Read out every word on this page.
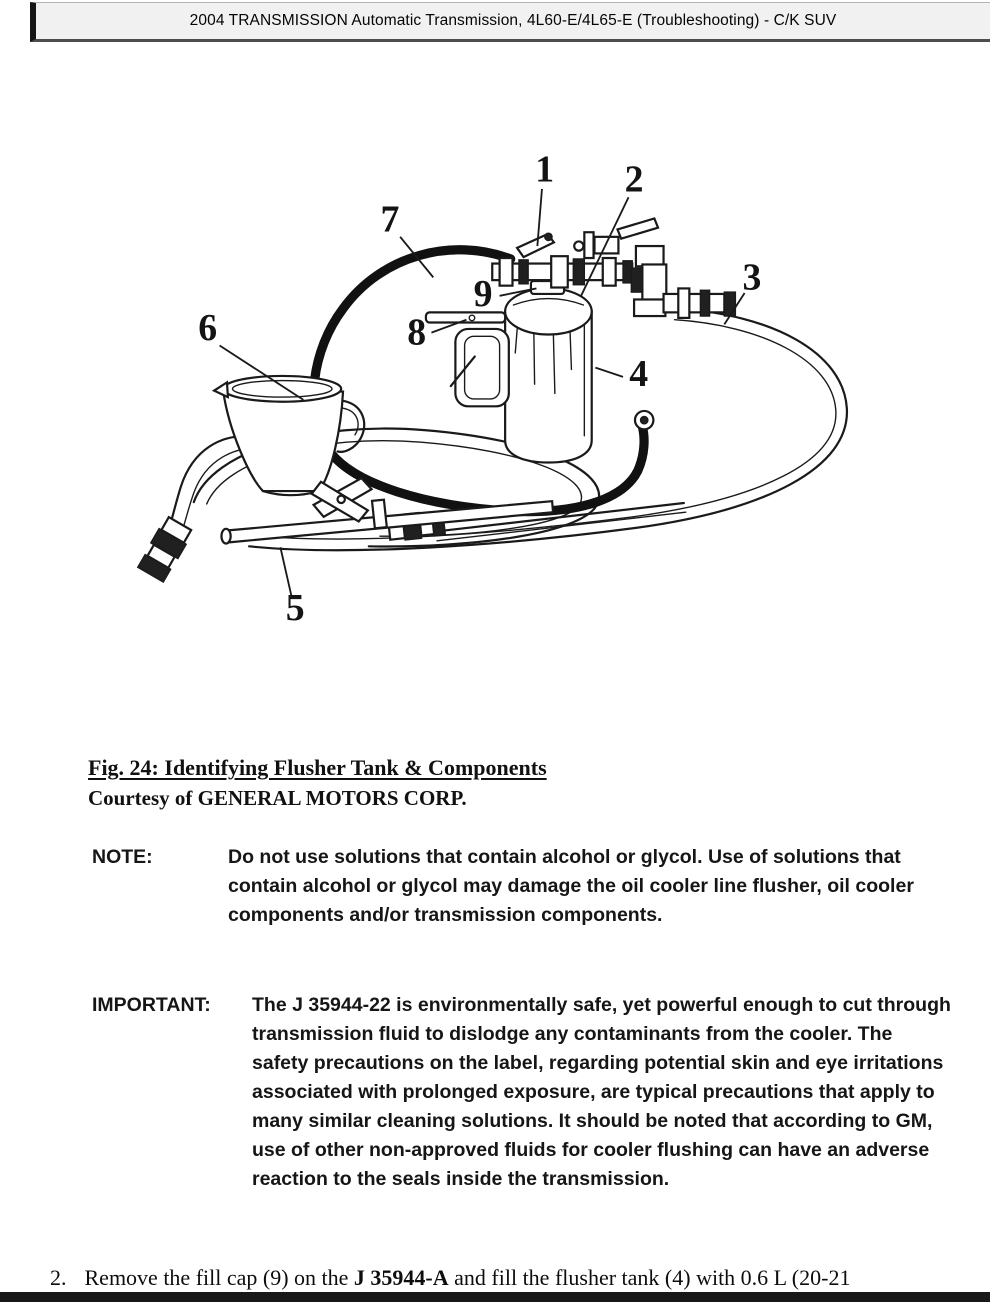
2004 TRANSMISSION Automatic Transmission, 4L60-E/4L65-E (Troubleshooting) - C/K SUV
1 2
3
4
5
6
7
8
9
Fig. 24: Identifying Flusher Tank & Components
Courtesy of GENERAL MOTORS CORP.
NOTE:	Do not use solutions that contain alcohol or glycol. Use of solutions that contain alcohol or glycol may damage the oil cooler line flusher, oil cooler components and/or transmission components.
IMPORTANT:	The J 35944-22 is environmentally safe, yet powerful enough to cut through transmission fluid to dislodge any contaminants from the cooler. The safety precautions on the label, regarding potential skin and eye irritations associated with prolonged exposure, are typical precautions that apply to many similar cleaning solutions. It should be noted that according to GM, use of other non-approved fluids for cooler flushing can have an adverse reaction to the seals inside the transmission.
2. Remove the fill cap (9) on the J 35944-A and fill the flusher tank (4) with 0.6 L (20-21
